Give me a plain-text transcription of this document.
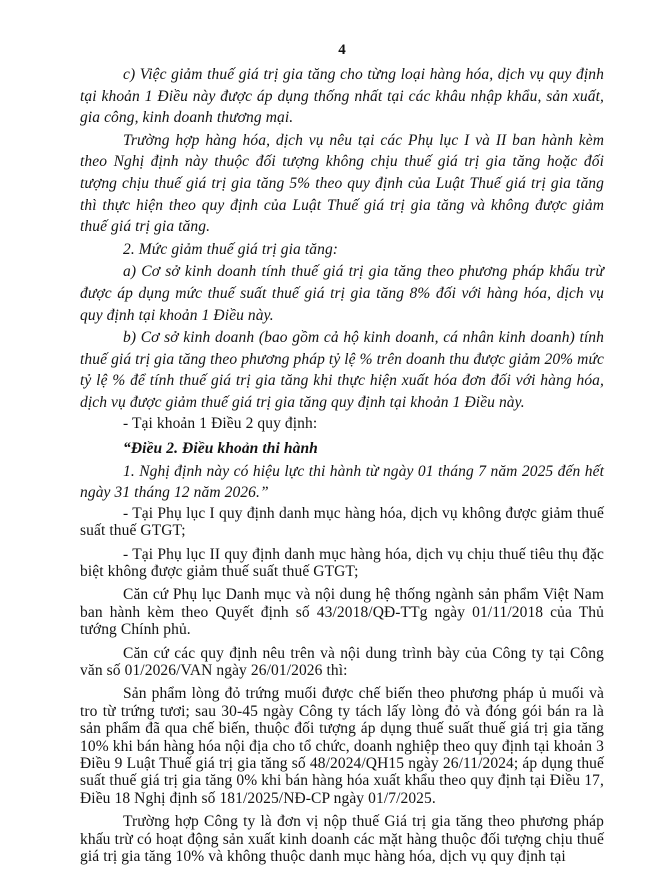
4

c) Việc giảm thuế giá trị gia tăng cho từng loại hàng hóa, dịch vụ quy định tại khoản 1 Điều này được áp dụng thống nhất tại các khâu nhập khẩu, sản xuất, gia công, kinh doanh thương mại.

Trường hợp hàng hóa, dịch vụ nêu tại các Phụ lục I và II ban hành kèm theo Nghị định này thuộc đối tượng không chịu thuế giá trị gia tăng hoặc đối tượng chịu thuế giá trị gia tăng 5% theo quy định của Luật Thuế giá trị gia tăng thì thực hiện theo quy định của Luật Thuế giá trị gia tăng và không được giảm thuế giá trị gia tăng.

2. Mức giảm thuế giá trị gia tăng:

a) Cơ sở kinh doanh tính thuế giá trị gia tăng theo phương pháp khấu trừ được áp dụng mức thuế suất thuế giá trị gia tăng 8% đối với hàng hóa, dịch vụ quy định tại khoản 1 Điều này.

b) Cơ sở kinh doanh (bao gồm cả hộ kinh doanh, cá nhân kinh doanh) tính thuế giá trị gia tăng theo phương pháp tỷ lệ % trên doanh thu được giảm 20% mức tỷ lệ % để tính thuế giá trị gia tăng khi thực hiện xuất hóa đơn đối với hàng hóa, dịch vụ được giảm thuế giá trị gia tăng quy định tại khoản 1 Điều này.

- Tại khoản 1 Điều 2 quy định:

“Điều 2. Điều khoản thi hành

1. Nghị định này có hiệu lực thi hành từ ngày 01 tháng 7 năm 2025 đến hết ngày 31 tháng 12 năm 2026.”

- Tại Phụ lục I quy định danh mục hàng hóa, dịch vụ không được giảm thuế suất thuế GTGT;

- Tại Phụ lục II quy định danh mục hàng hóa, dịch vụ chịu thuế tiêu thụ đặc biệt không được giảm thuế suất thuế GTGT;

Căn cứ Phụ lục Danh mục và nội dung hệ thống ngành sản phẩm Việt Nam ban hành kèm theo Quyết định số 43/2018/QĐ-TTg ngày 01/11/2018 của Thủ tướng Chính phủ.

Căn cứ các quy định nêu trên và nội dung trình bày của Công ty tại Công văn số 01/2026/VAN ngày 26/01/2026 thì:

Sản phẩm lòng đỏ trứng muối được chế biến theo phương pháp ủ muối và tro từ trứng tươi; sau 30-45 ngày Công ty tách lấy lòng đỏ và đóng gói bán ra là sản phẩm đã qua chế biến, thuộc đối tượng áp dụng thuế suất thuế giá trị gia tăng 10% khi bán hàng hóa nội địa cho tổ chức, doanh nghiệp theo quy định tại khoản 3 Điều 9 Luật Thuế giá trị gia tăng số 48/2024/QH15 ngày 26/11/2024; áp dụng thuế suất thuế giá trị gia tăng 0% khi bán hàng hóa xuất khẩu theo quy định tại Điều 17, Điều 18 Nghị định số 181/2025/NĐ-CP ngày 01/7/2025.

Trường hợp Công ty là đơn vị nộp thuế Giá trị gia tăng theo phương pháp khấu trừ có hoạt động sản xuất kinh doanh các mặt hàng thuộc đối tượng chịu thuế giá trị gia tăng 10% và không thuộc danh mục hàng hóa, dịch vụ quy định tại
